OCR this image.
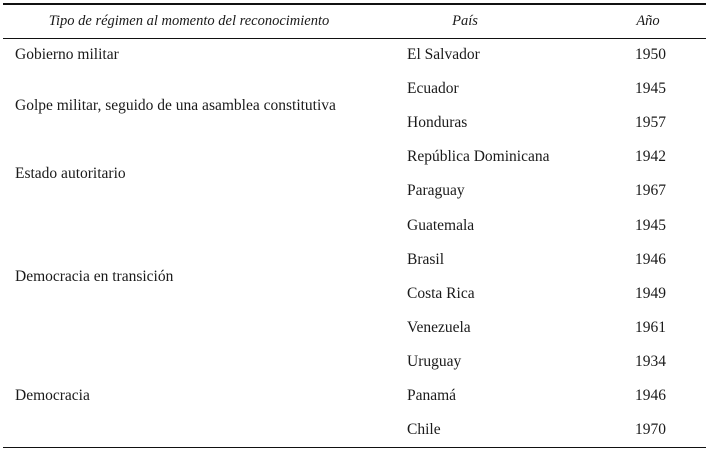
Tipo de régimen al momento del reconocimiento	País	Año
Gobierno militar	El Salvador	1950
Golpe militar, seguido de una asamblea constitutiva
Ecuador	1945
Honduras	1957
Estado autoritario
República Dominicana	1942
Paraguay	1967
Democracia en transición
Guatemala	1945
Brasil	1946
Costa Rica	1949
Venezuela	1961
Democracia
Uruguay	1934
Panamá	1946
Chile	1970
